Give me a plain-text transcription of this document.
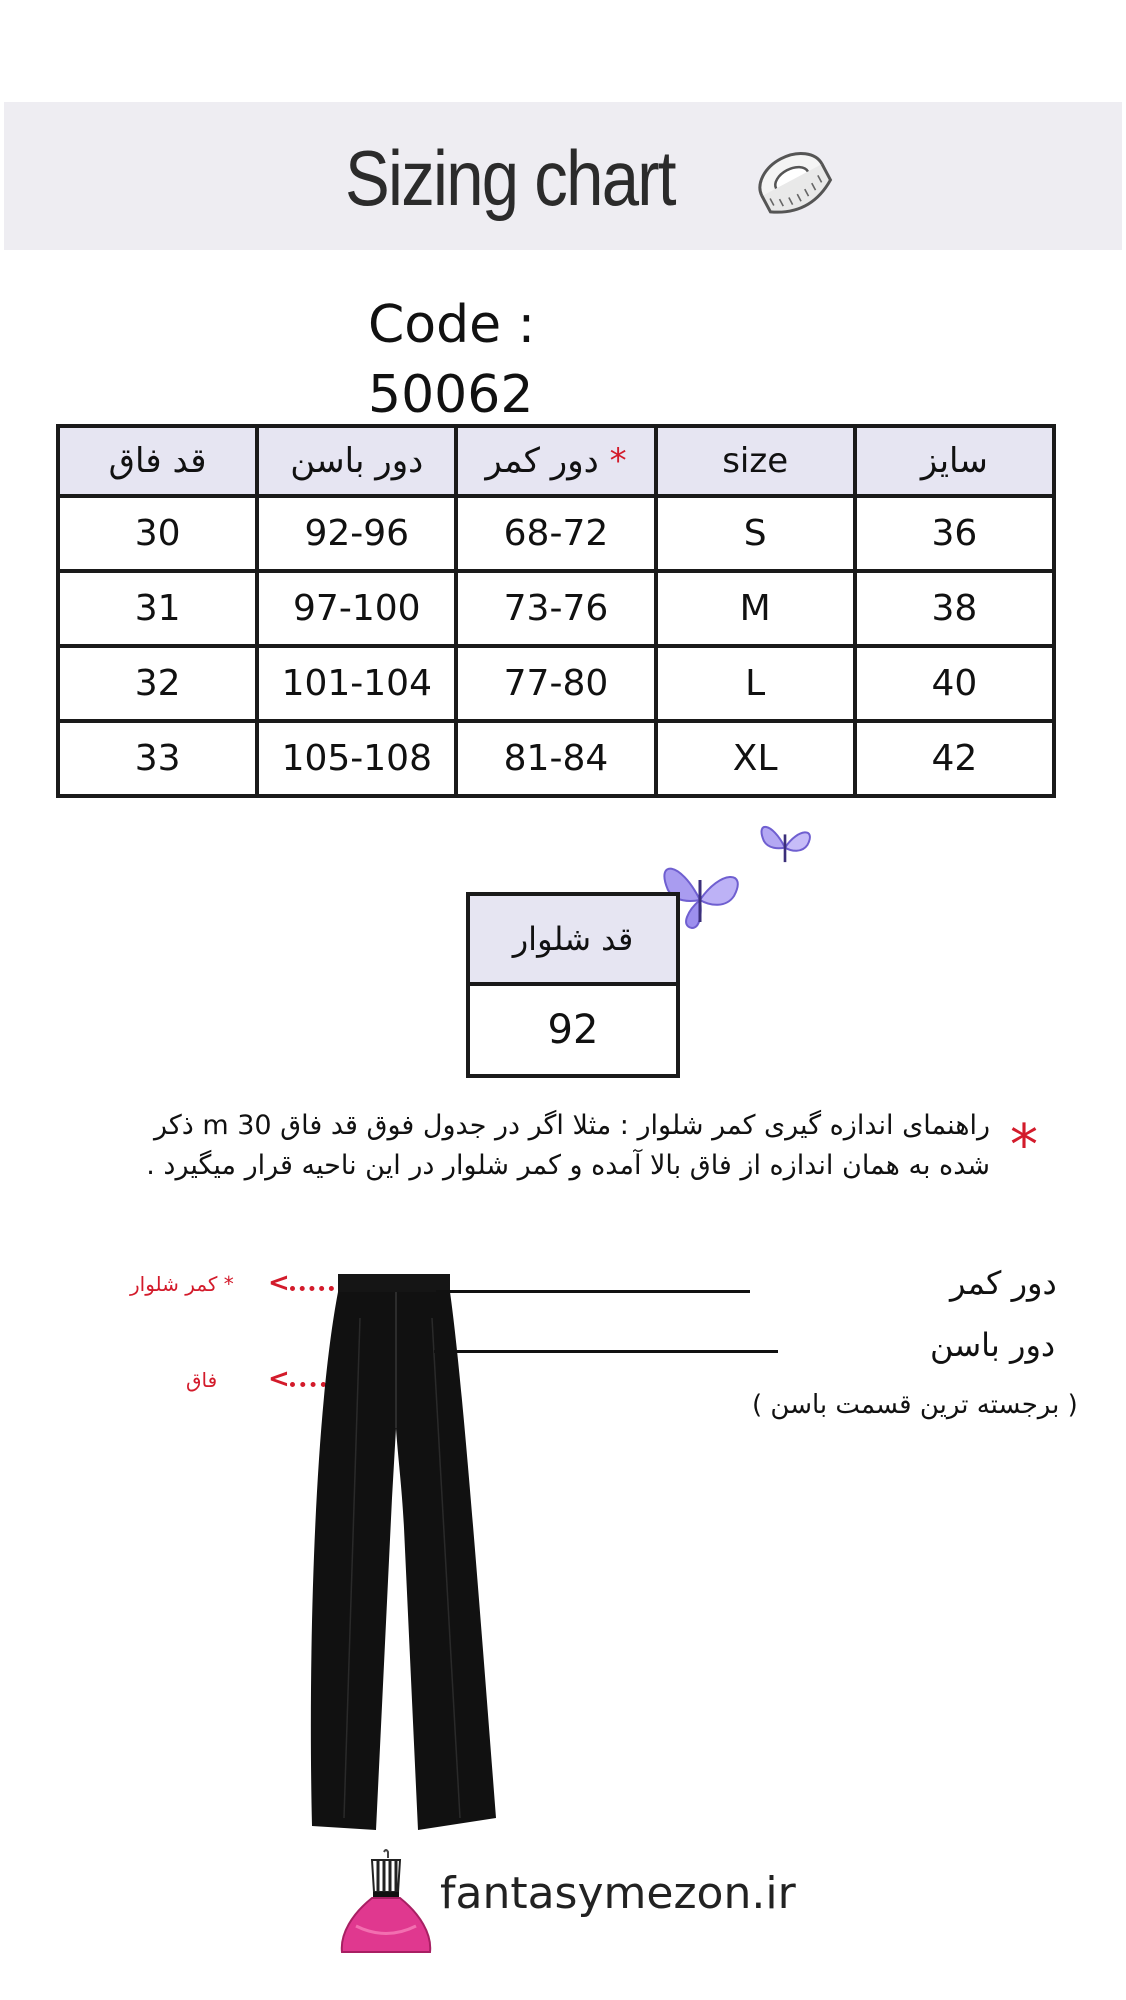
Sizing chart
Code : 50062
قد فاق	دور باسن	دور کمر *	size	سایز
30	92-96	68-72	S	36
31	97-100	73-76	M	38
32	101-104	77-80	L	40
33	105-108	81-84	XL	42
قد شلوار
92
*
راهنمای اندازه گیری کمر شلوار : مثلا اگر در جدول فوق قد فاق 30 m ذکر
شده به همان اندازه از فاق بالا آمده و کمر شلوار در این ناحیه قرار میگیرد .
* کمر شلوار <
فاق <
دور کمر
دور باسن
( برجسته ترین قسمت باسن )
fantasymezon.ir
